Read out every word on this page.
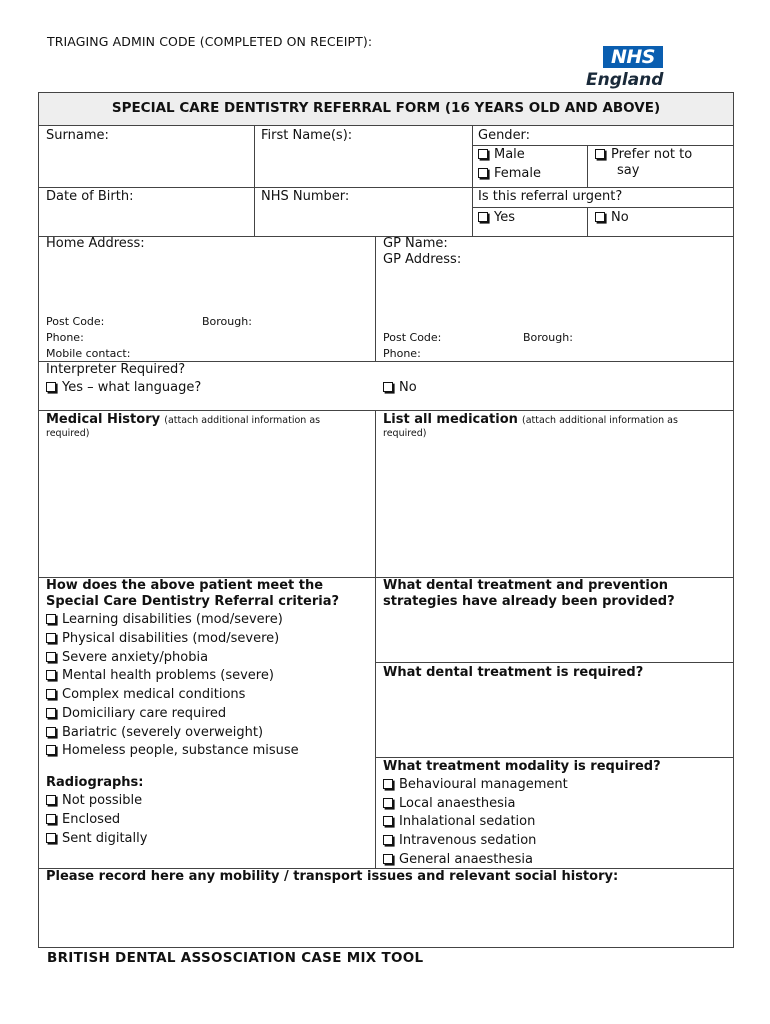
TRIAGING ADMIN CODE (COMPLETED ON RECEIPT):
NHS
England
SPECIAL CARE DENTISTRY REFERRAL FORM (16 YEARS OLD AND ABOVE)
Surname:	First Name(s):	Gender:
Male
Female
Prefer not to
say
Date of Birth:	NHS Number:	Is this referral urgent?
Yes	No
Home Address:
Post Code:	Borough:
Phone:
Mobile contact:
GP Name:
GP Address:
Post Code:	Borough:
Phone:
Interpreter Required?
Yes – what language?	No
Medical History (attach additional information as
required)
List all medication (attach additional information as
required)
How does the above patient meet the
Special Care Dentistry Referral criteria?
Learning disabilities (mod/severe)
Physical disabilities (mod/severe)
Severe anxiety/phobia
Mental health problems (severe)
Complex medical conditions
Domiciliary care required
Bariatric (severely overweight)
Homeless people, substance misuse
Radiographs:
Not possible
Enclosed
Sent digitally
What dental treatment and prevention
strategies have already been provided?
What dental treatment is required?
What treatment modality is required?
Behavioural management
Local anaesthesia
Inhalational sedation
Intravenous sedation
General anaesthesia
Please record here any mobility / transport issues and relevant social history:
BRITISH DENTAL ASSOSCIATION CASE MIX TOOL
